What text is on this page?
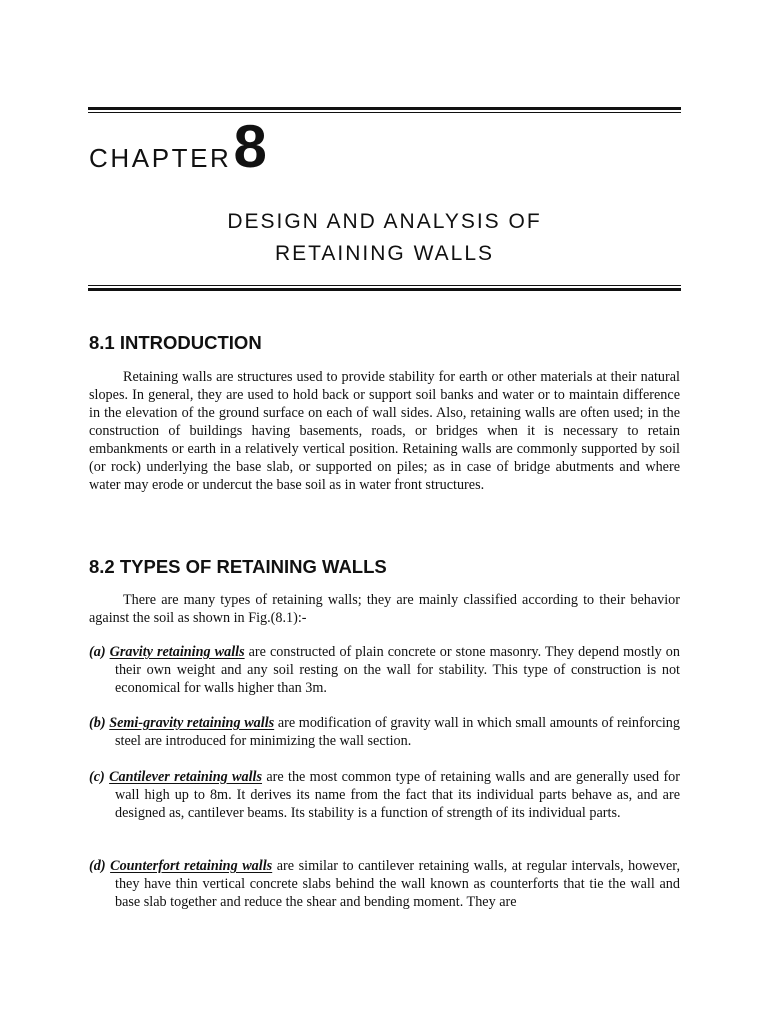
CHAPTER8
DESIGN AND ANALYSIS OF
RETAINING WALLS
8.1 INTRODUCTION

Retaining walls are structures used to provide stability for earth or other materials at their natural slopes. In general, they are used to hold back or support soil banks and water or to maintain difference in the elevation of the ground surface on each of wall sides. Also, retaining walls are often used; in the construction of buildings having basements, roads, or bridges when it is necessary to retain embankments or earth in a relatively vertical position. Retaining walls are commonly supported by soil (or rock) underlying the base slab, or supported on piles; as in case of bridge abutments and where water may erode or undercut the base soil as in water front structures.

8.2 TYPES OF RETAINING WALLS

There are many types of retaining walls; they are mainly classified according to their behavior against the soil as shown in Fig.(8.1):-

(a) Gravity retaining walls are constructed of plain concrete or stone masonry. They depend mostly on their own weight and any soil resting on the wall for stability. This type of construction is not economical for walls higher than 3m.

(b) Semi-gravity retaining walls are modification of gravity wall in which small amounts of reinforcing steel are introduced for minimizing the wall section.

(c) Cantilever retaining walls are the most common type of retaining walls and are generally used for wall high up to 8m. It derives its name from the fact that its individual parts behave as, and are designed as, cantilever beams. Its stability is a function of strength of its individual parts.

(d) Counterfort retaining walls are similar to cantilever retaining walls, at regular intervals, however, they have thin vertical concrete slabs behind the wall known as counterforts that tie the wall and base slab together and reduce the shear and bending moment. They are
